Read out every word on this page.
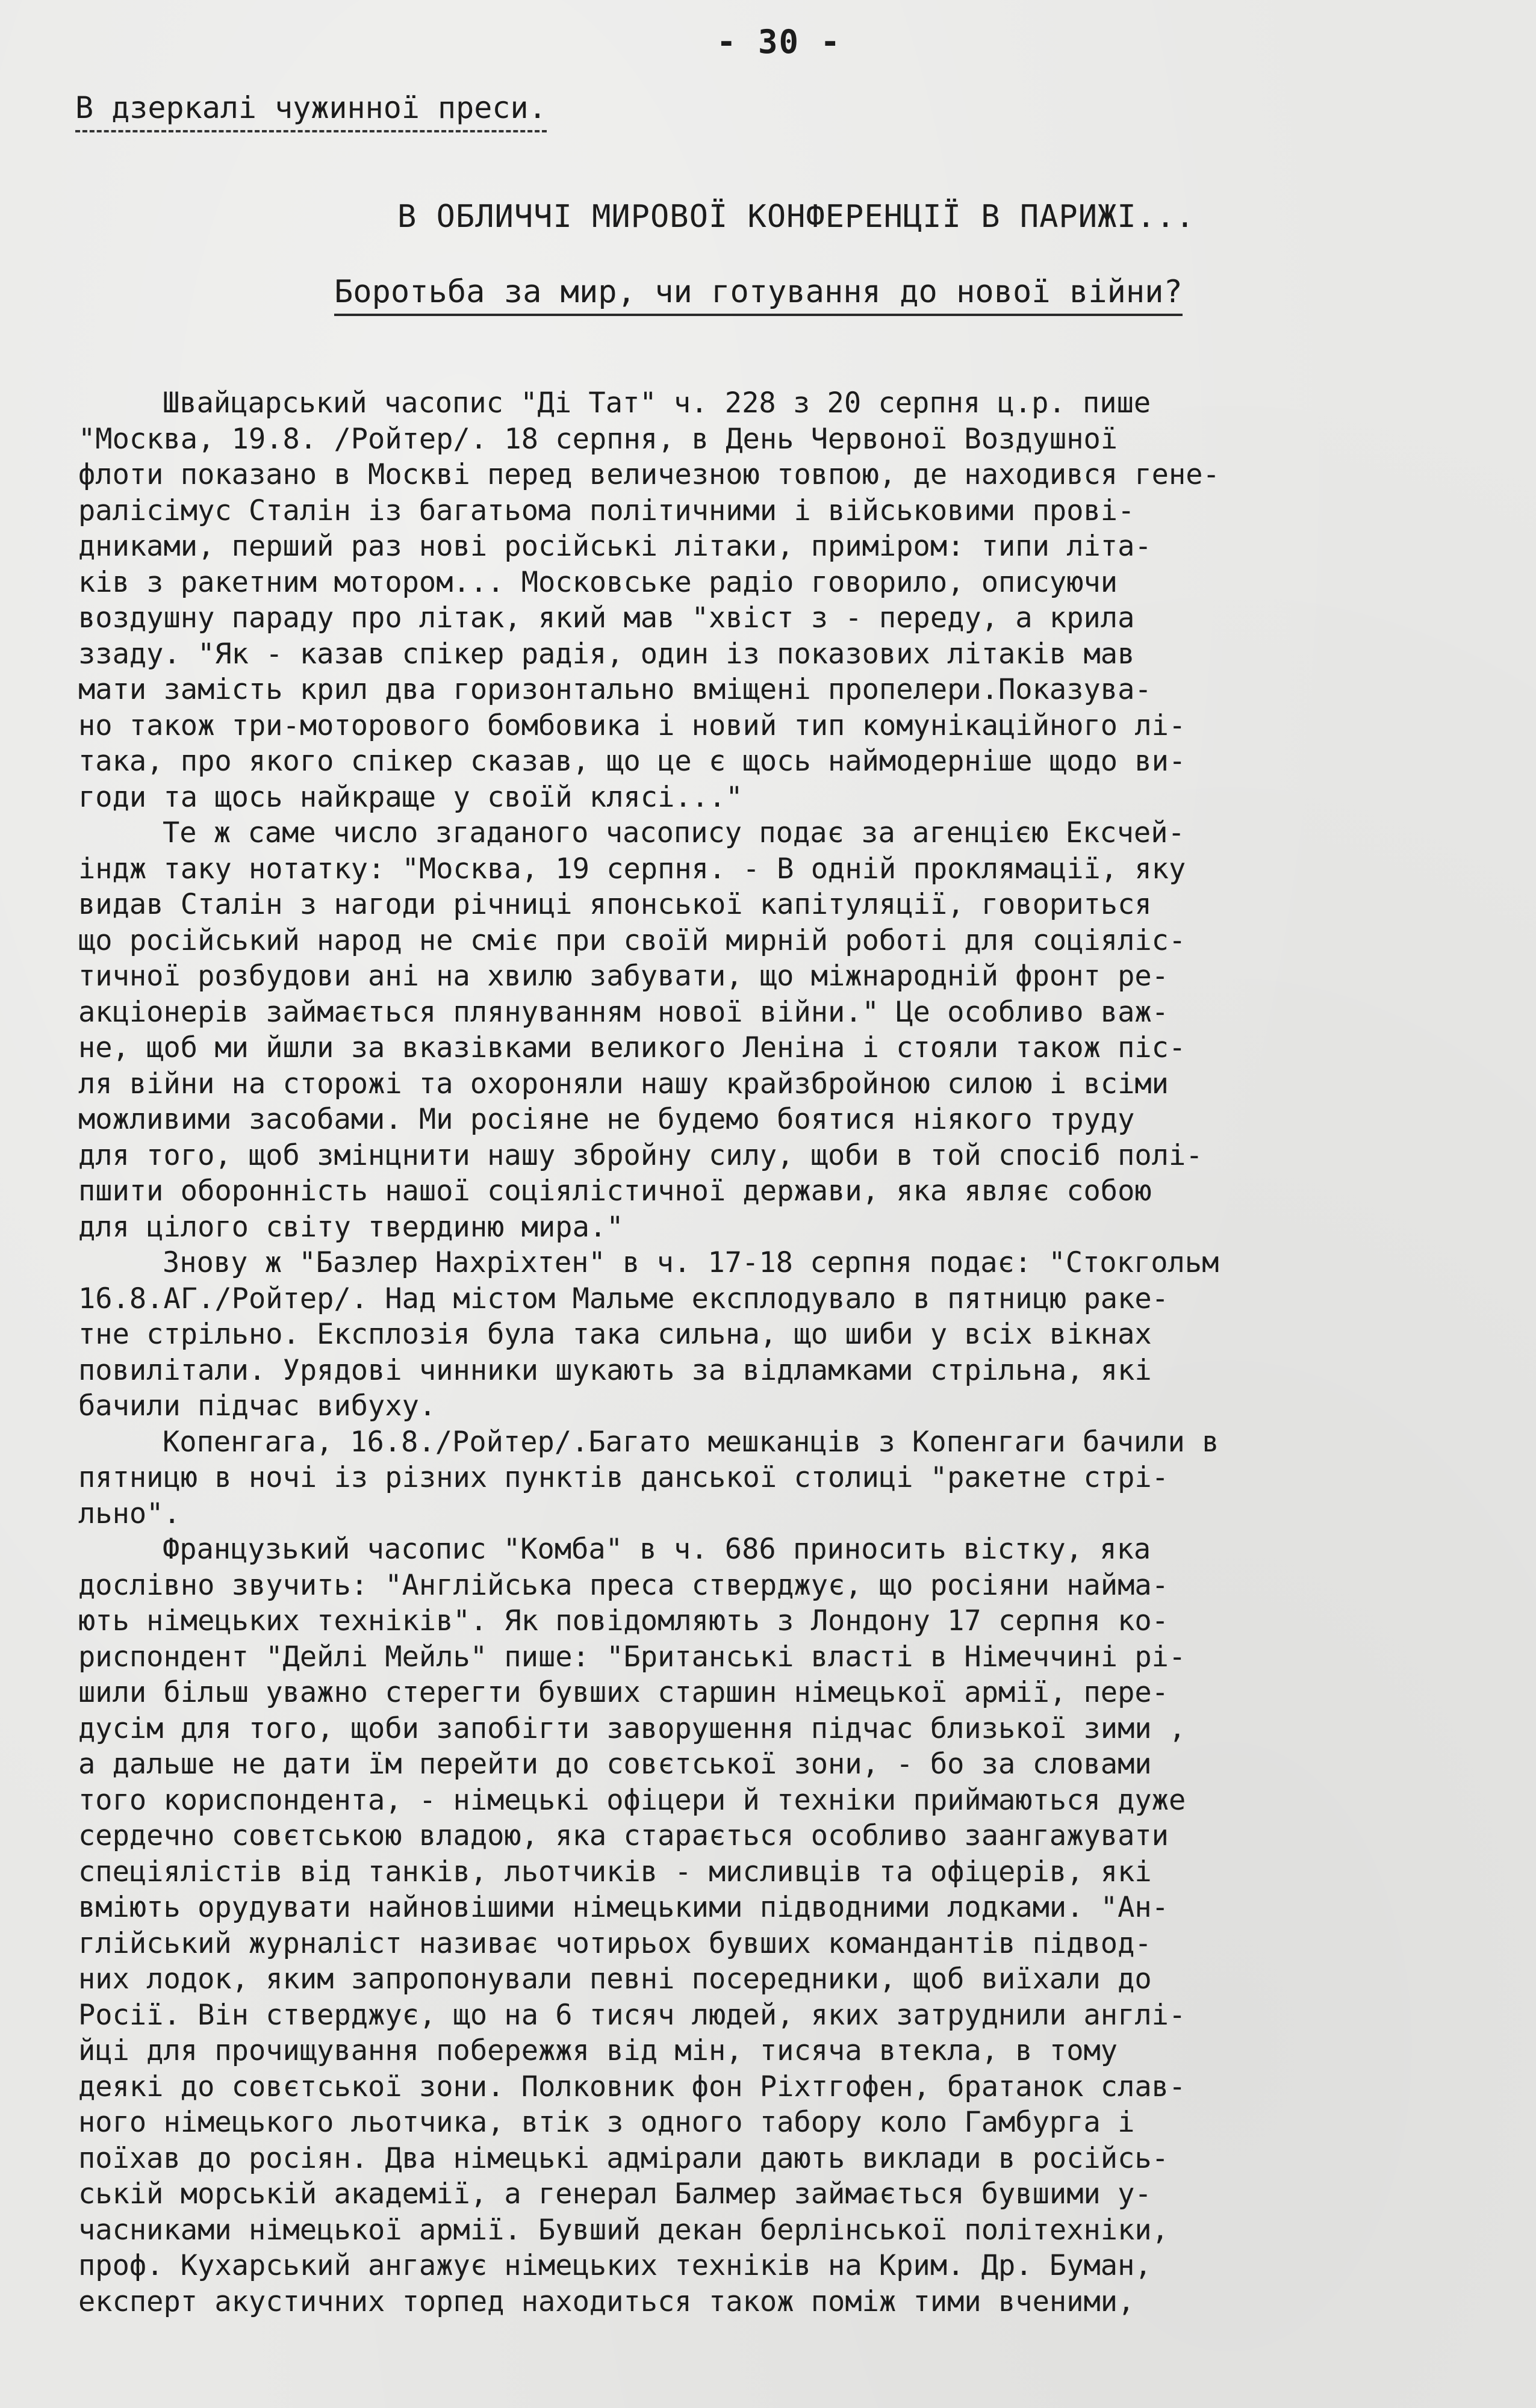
- 30 -
В дзеркалі чужинної преси.
В ОБЛИЧЧІ МИРОВОЇ КОНФЕРЕНЦІЇ В ПАРИЖІ...
Боротьба за мир, чи готування до нової війни?
Швайцарський часопис "Ді Тат" ч. 228 з 20 серпня ц.р. пише
"Москва, 19.8. /Ройтер/. 18 серпня, в День Червоної Воздушної
флоти показано в Москві перед величезною товпою, де находився гене-
ралісімус Сталін із багатьома політичними і військовими прові-
дниками, перший раз нові російські літаки, приміром: типи літа-
ків з ракетним мотором... Московське радіо говорило, описуючи
воздушну параду про літак, який мав "хвіст з - переду, а крила
ззаду. "Як - казав спікер радія, один із показових літаків мав
мати замість крил два горизонтально вміщені пропелери.Показува-
но також три-моторового бомбовика і новий тип комунікаційного лі-
така, про якого спікер сказав, що це є щось наймодерніше щодо ви-
годи та щось найкраще у своїй клясі..."
Те ж саме число згаданого часопису подає за агенцією Ексчей-
індж таку нотатку: "Москва, 19 серпня. - В одній проклямації, яку
видав Сталін з нагоди річниці японської капітуляції, говориться
що російський народ не сміє при своїй мирній роботі для соціяліс-
тичної розбудови ані на хвилю забувати, що міжнародній фронт ре-
акціонерів займається плянуванням нової війни." Це особливо важ-
не, щоб ми йшли за вказівками великого Леніна і стояли також піс-
ля війни на сторожі та охороняли нашу крайзбройною силою і всіми
можливими засобами. Ми росіяне не будемо боятися ніякого труду
для того, щоб змінцнити нашу збройну силу, щоби в той спосіб полі-
пшити оборонність нашої соціялістичної держави, яка являє собою
для цілого світу твердиню мира."
Знову ж "Базлер Нахріхтен" в ч. 17-18 серпня подає: "Стокгольм
16.8.АГ./Ройтер/. Над містом Мальме експлодувало в пятницю раке-
тне стрільно. Експлозія була така сильна, що шиби у всіх вікнах
повилітали. Урядові чинники шукають за відламками стрільна, які
бачили підчас вибуху.
Копенгага, 16.8./Ройтер/.Багато мешканців з Копенгаги бачили в
пятницю в ночі із різних пунктів данської столиці "ракетне стрі-
льно".
Французький часопис "Комба" в ч. 686 приносить вістку, яка
дослівно звучить: "Англійська преса стверджує, що росіяни найма-
ють німецьких техніків". Як повідомляють з Лондону 17 серпня ко-
риспондент "Дейлі Мейль" пише: "Британські власті в Німеччині рі-
шили більш уважно стерегти бувших старшин німецької армії, пере-
дусім для того, щоби запобігти заворушення підчас близької зими ,
а дальше не дати їм перейти до совєтської зони, - бо за словами
того кориспондента, - німецькі офіцери й техніки приймаються дуже
сердечно совєтською владою, яка старається особливо заангажувати
спеціялістів від танків, льотчиків - мисливців та офіцерів, які
вміють орудувати найновішими німецькими підводними лодками. "Ан-
глійський журналіст називає чотирьох бувших командантів підвод-
них лодок, яким запропонували певні посередники, щоб виїхали до
Росії. Він стверджує, що на 6 тисяч людей, яких затруднили англі-
йці для прочищування побережжя від мін, тисяча втекла, в тому
деякі до совєтської зони. Полковник фон Ріхтгофен, братанок слав-
ного німецького льотчика, втік з одного табору коло Гамбурга і
поїхав до росіян. Два німецькі адмірали дають виклади в російсь-
ській морській академії, а генерал Балмер займається бувшими у-
часниками німецької армії. Бувший декан берлінської політехніки,
проф. Кухарський ангажує німецьких техніків на Крим. Др. Буман,
експерт акустичних торпед находиться також поміж тими вченими,
